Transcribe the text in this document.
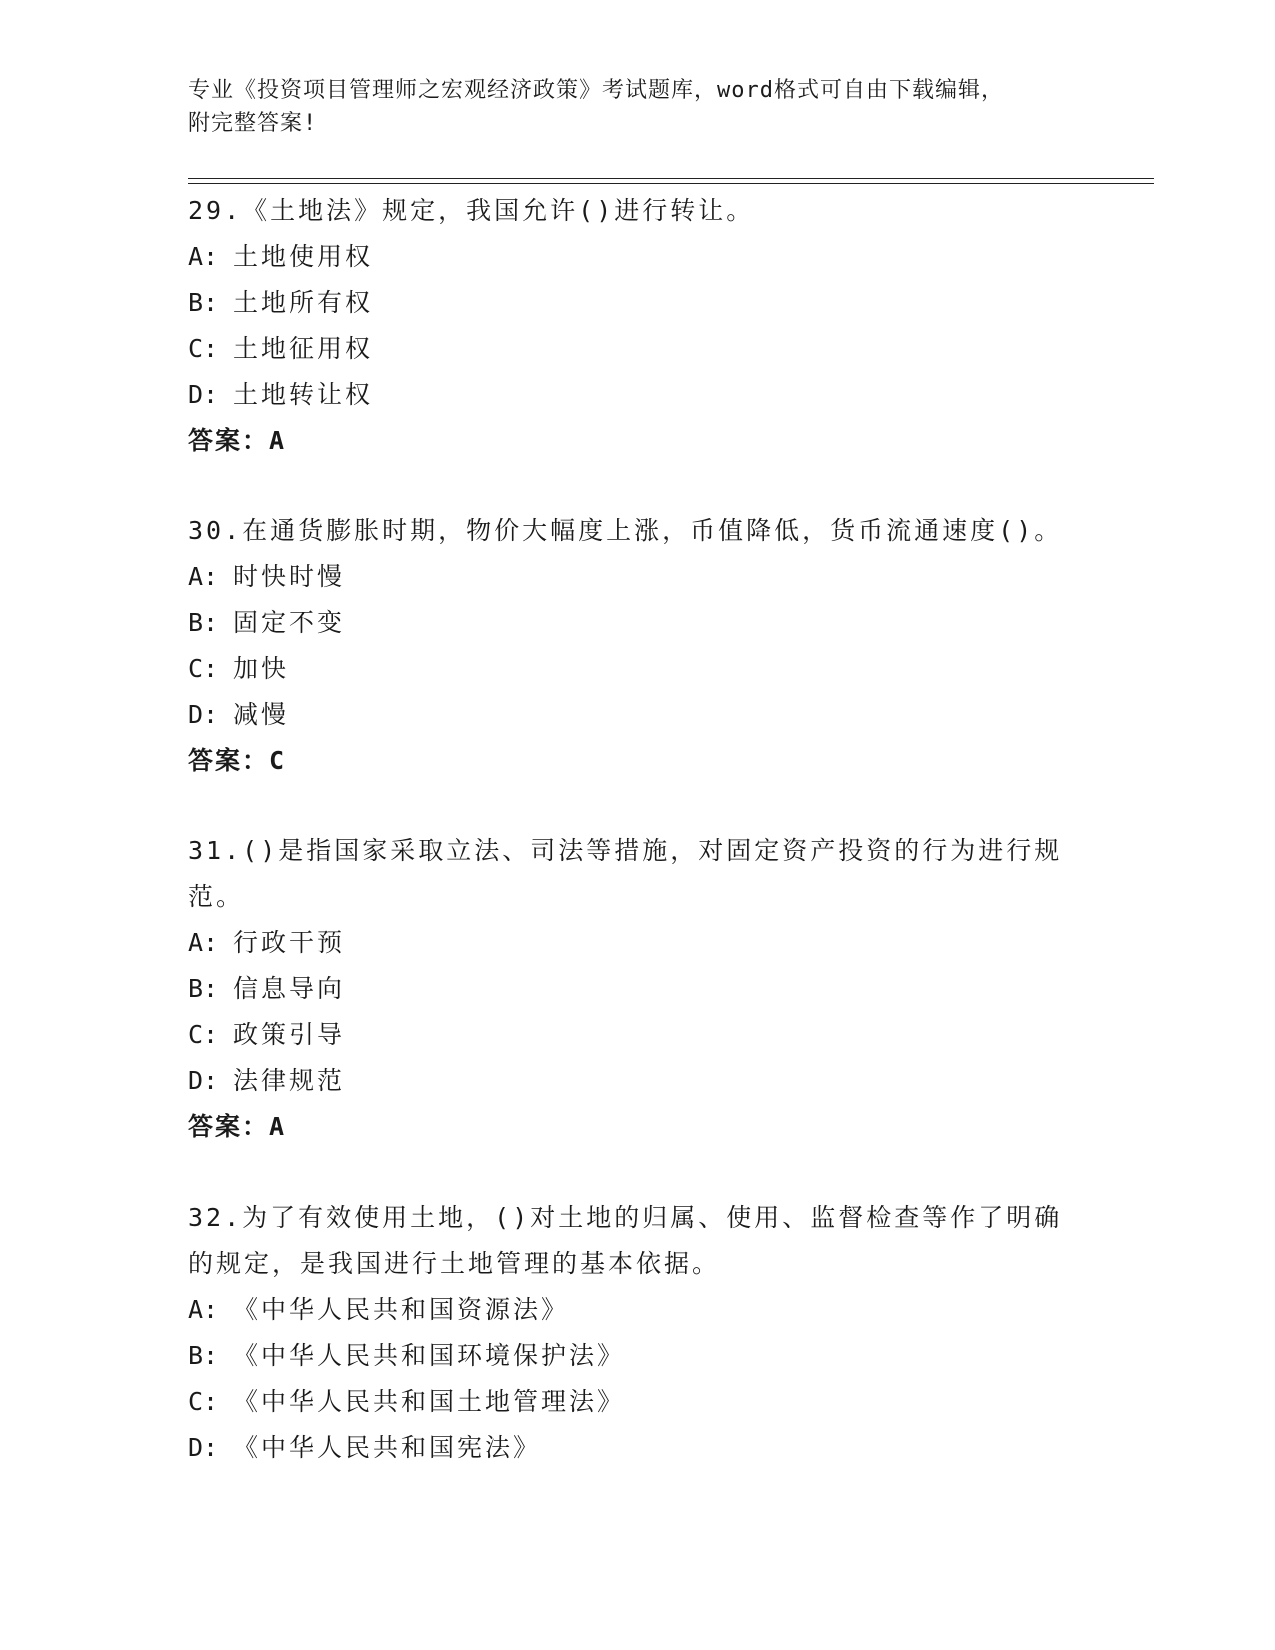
专业《投资项目管理师之宏观经济政策》考试题库，word格式可自由下载编辑，
附完整答案!

29.《土地法》规定，我国允许()进行转让。

A: 土地使用权

B: 土地所有权

C: 土地征用权

D: 土地转让权

答案：A

30.在通货膨胀时期，物价大幅度上涨，币值降低，货币流通速度()。

A: 时快时慢

B: 固定不变

C: 加快

D: 减慢

答案：C

31.()是指国家采取立法、司法等措施，对固定资产投资的行为进行规范。

A: 行政干预

B: 信息导向

C: 政策引导

D: 法律规范

答案：A

32.为了有效使用土地，()对土地的归属、使用、监督检查等作了明确的规定，是我国进行土地管理的基本依据。

A: 《中华人民共和国资源法》

B: 《中华人民共和国环境保护法》

C: 《中华人民共和国土地管理法》

D: 《中华人民共和国宪法》
